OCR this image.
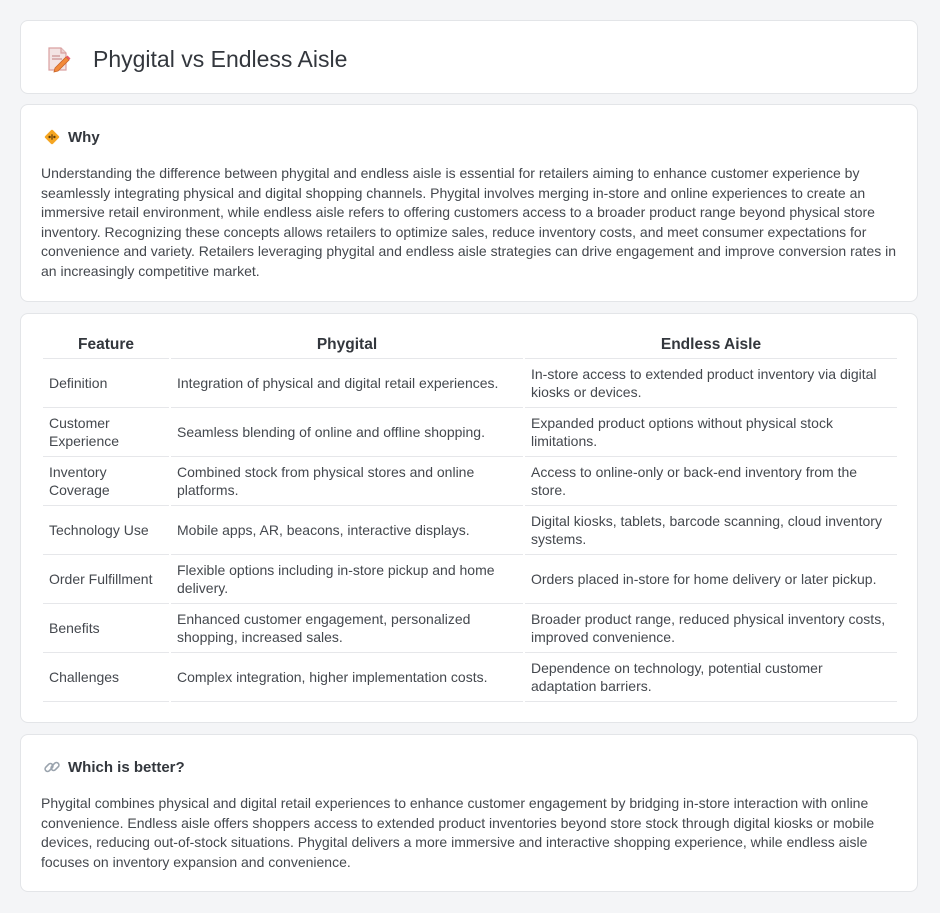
Phygital vs Endless Aisle
Why

Understanding the difference between phygital and endless aisle is essential for retailers aiming to enhance customer experience by seamlessly integrating physical and digital shopping channels. Phygital involves merging in-store and online experiences to create an immersive retail environment, while endless aisle refers to offering customers access to a broader product range beyond physical store inventory. Recognizing these concepts allows retailers to optimize sales, reduce inventory costs, and meet consumer expectations for convenience and variety. Retailers leveraging phygital and endless aisle strategies can drive engagement and improve conversion rates in an increasingly competitive market.

Feature	Phygital	Endless Aisle
Definition	Integration of physical and digital retail experiences.	In-store access to extended product inventory via digital kiosks or devices.
Customer Experience	Seamless blending of online and offline shopping.	Expanded product options without physical stock limitations.
Inventory Coverage	Combined stock from physical stores and online platforms.	Access to online-only or back-end inventory from the store.
Technology Use	Mobile apps, AR, beacons, interactive displays.	Digital kiosks, tablets, barcode scanning, cloud inventory systems.
Order Fulfillment	Flexible options including in-store pickup and home delivery.	Orders placed in-store for home delivery or later pickup.
Benefits	Enhanced customer engagement, personalized shopping, increased sales.	Broader product range, reduced physical inventory costs, improved convenience.
Challenges	Complex integration, higher implementation costs.	Dependence on technology, potential customer adaptation barriers.
Which is better?

Phygital combines physical and digital retail experiences to enhance customer engagement by bridging in-store interaction with online convenience. Endless aisle offers shoppers access to extended product inventories beyond store stock through digital kiosks or mobile devices, reducing out-of-stock situations. Phygital delivers a more immersive and interactive shopping experience, while endless aisle focuses on inventory expansion and convenience.
